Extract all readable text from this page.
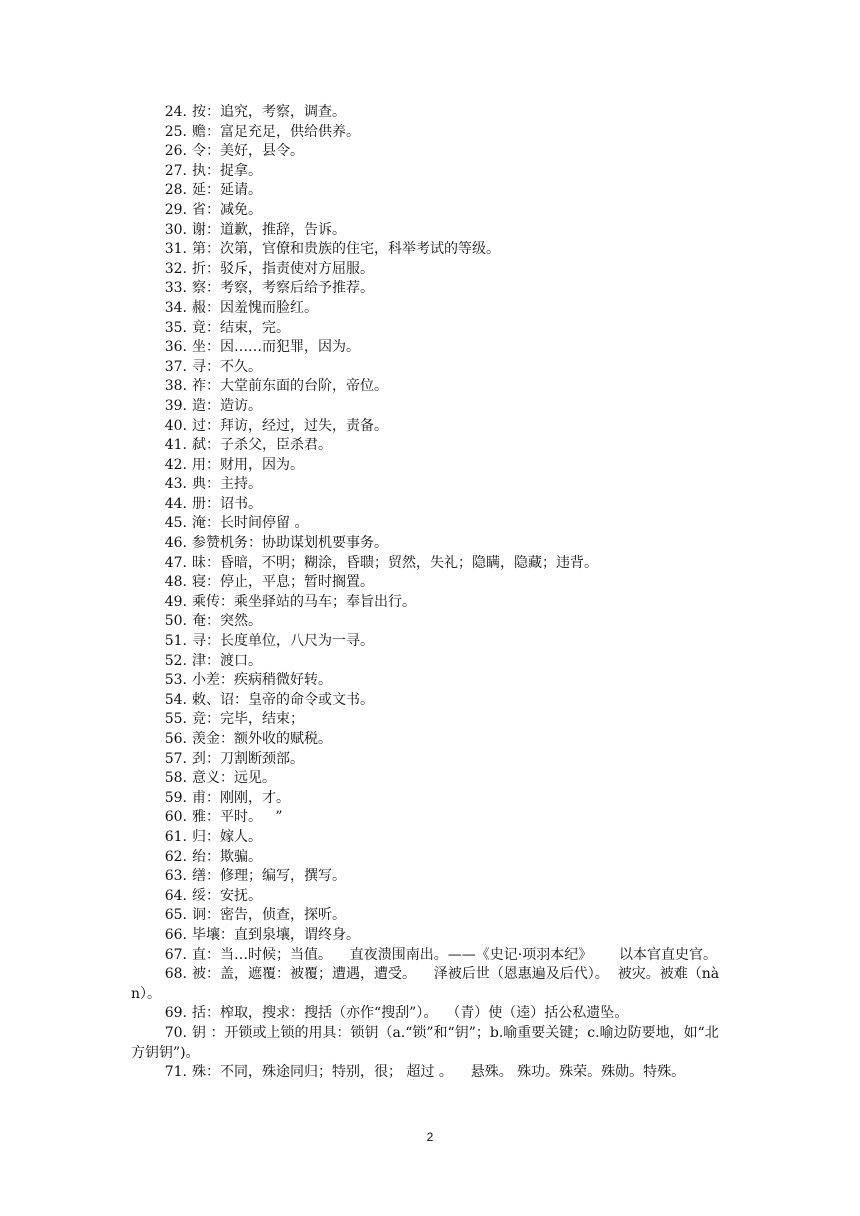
24. 按：追究，考察，调查。

25. 赡：富足充足，供给供养。

26. 令：美好，县令。

27. 执：捉拿。

28. 延：延请。

29. 省：减免。

30. 谢：道歉，推辞，告诉。

31. 第：次第，官僚和贵族的住宅，科举考试的等级。

32. 折：驳斥，指责使对方屈服。

33. 察：考察，考察后给予推荐。

34. 赧：因羞愧而脸红。

35. 竟：结束，完。

36. 坐：因……而犯罪，因为。

37. 寻：不久。

38. 祚：大堂前东面的台阶，帝位。

39. 造：造访。

40. 过：拜访，经过，过失，责备。

41. 弑：子杀父，臣杀君。

42. 用：财用，因为。

43. 典：主持。

44. 册：诏书。

45. 淹：长时间停留 。

46. 参赞机务：协助谋划机要事务。

47. 昧：昏暗，不明；糊涂，昏聩；贸然，失礼；隐瞒，隐藏；违背。

48. 寝：停止，平息；暂时搁置。

49. 乘传：乘坐驿站的马车；奉旨出行。

50. 奄：突然。

51. 寻：长度单位，八尺为一寻。

52. 津：渡口。

53. 小差：疾病稍微好转。

54. 敕、诏：皇帝的命令或文书。

55. 竞：完毕，结束；

56. 羡金：额外收的赋税。

57. 刭：刀割断颈部。

58. 意义：远见。

59. 甫：刚刚，才。

60. 雅：平时。   ”

61. 归：嫁人。

62. 绐：欺骗。

63. 缮：修理；编写，撰写。

64. 绥：安抚。

65. 诇：密告，侦查，探听。

66. 毕壤：直到泉壤，谓终身。

67. 直：当…时候；当值。    直夜溃围南出。——《史记·项羽本纪》      以本官直史官。

68. 被：盖，遮覆：被覆；遭遇，遭受。    泽被后世（恩惠遍及后代）。  被灾。被难（nàn）。

69. 括：榨取，搜求：搜括（亦作“搜刮”）。  （青）使（逵）括公私遗坠。

70. 钥 ：开锁或上锁的用具：锁钥（a.“锁”和“钥”；b.喻重要关键；c.喻边防要地，如“北方钥钥”)。

71. 殊：不同，殊途同归；特别，很； 超过 。    悬殊。 殊功。殊荣。殊勋。特殊。

2
